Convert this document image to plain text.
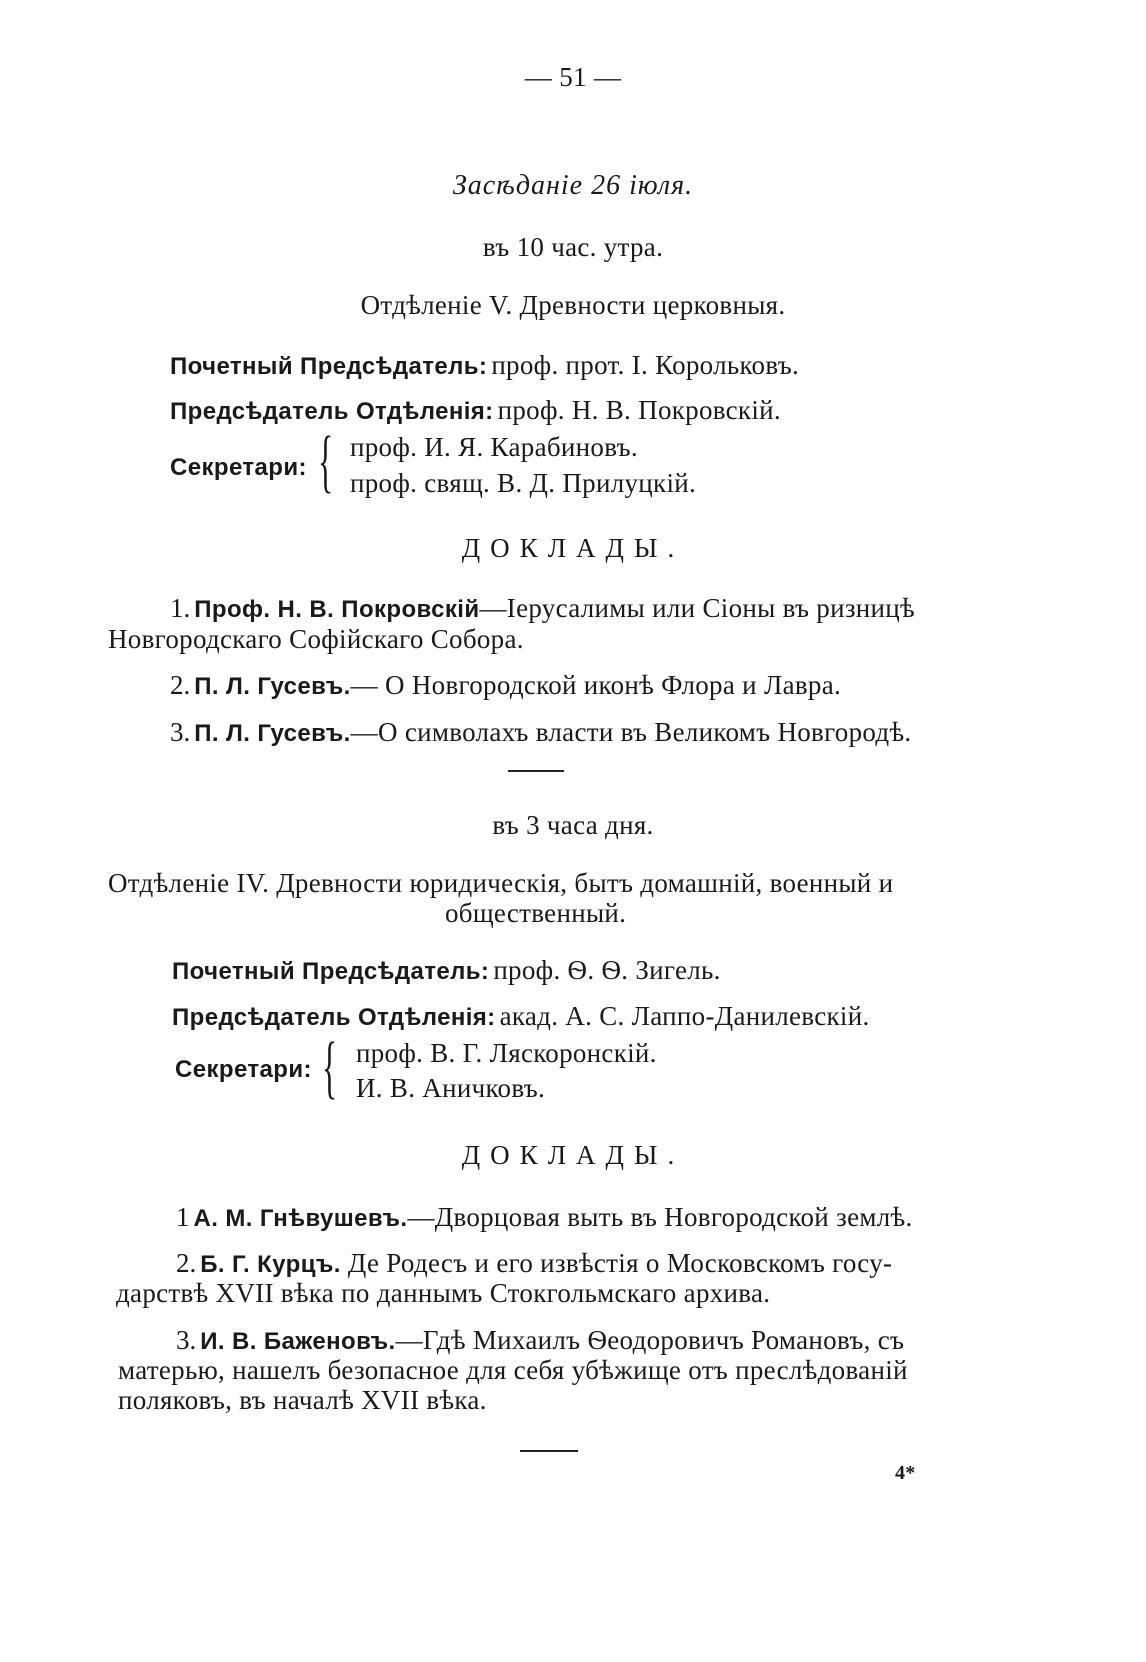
— 51 —
Засѣданіе 26 іюля.
въ 10 час. утра.
Отдѣленіе V. Древности церковныя.
Почетный Предсѣдатель: проф. прот. І. Корольковъ.
Предсѣдатель Отдѣленія: проф. Н. В. Покровскій.
Секретари: { проф. И. Я. Карабиновъ.
проф. свящ. В. Д. Прилуцкій.
ДОКЛАДЫ.
1. Проф. Н. В. Покровскій—Іерусалимы или Сіоны въ ризницѣ
Новгородскаго Софійскаго Собора.
2. П. Л. Гусевъ.— О Новгородской иконѣ Флора и Лавра.
3. П. Л. Гусевъ.—О символахъ власти въ Великомъ Новгородѣ.
въ 3 часа дня.
Отдѣленіе IV. Древности юридическія, бытъ домашній, военный и
общественный.
Почетный Предсѣдатель: проф. Ѳ. Ѳ. Зигель.
Предсѣдатель Отдѣленія: акад. А. С. Лаппо-Данилевскій.
Секретари: { проф. В. Г. Ляскоронскій.
И. В. Аничковъ.
ДОКЛАДЫ.
1 А. М. Гнѣвушевъ.—Дворцовая выть въ Новгородской землѣ.
2. Б. Г. Курцъ. Де Родесъ и его извѣстія о Московскомъ госу-
дарствѣ XVII вѣка по даннымъ Стокгольмскаго архива.
3. И. В. Баженовъ.—Гдѣ Михаилъ Ѳеодоровичъ Романовъ, съ
матерью, нашелъ безопасное для себя убѣжище отъ преслѣдованій
поляковъ, въ началѣ XVII вѣка.
4*
